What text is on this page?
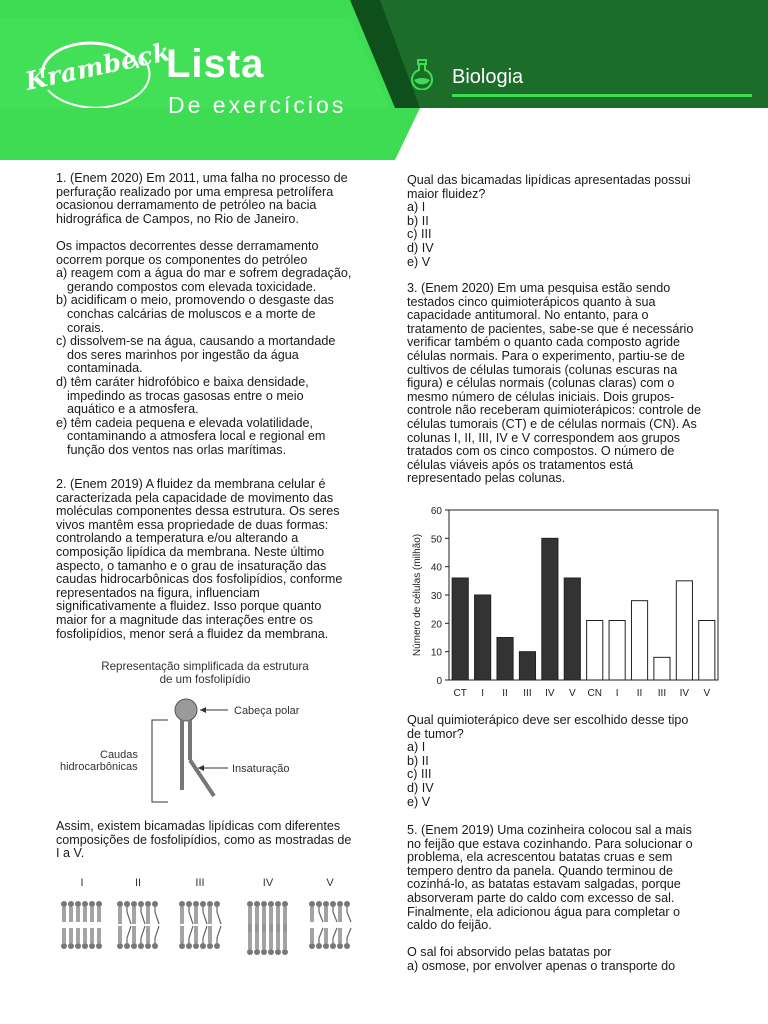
Krambeck
Lista
De exercícios
Biologia

1. (Enem 2020) Em 2011, uma falha no processo de

perfuração realizado por uma empresa petrolífera

ocasionou derramamento de petróleo na bacia

hidrográfica de Campos, no Rio de Janeiro.

Os impactos decorrentes desse derramamento

ocorrem porque os componentes do petróleo

a) reagem com a água do mar e sofrem degradação,

gerando compostos com elevada toxicidade.

b) acidificam o meio, promovendo o desgaste das

conchas calcárias de moluscos e a morte de

corais.

c) dissolvem-se na água, causando a mortandade

dos seres marinhos por ingestão da água

contaminada.

d) têm caráter hidrofóbico e baixa densidade,

impedindo as trocas gasosas entre o meio

aquático e a atmosfera.

e) têm cadeia pequena e elevada volatilidade,

contaminando a atmosfera local e regional em

função dos ventos nas orlas marítimas.

2. (Enem 2019) A fluidez da membrana celular é

caracterizada pela capacidade de movimento das

moléculas componentes dessa estrutura. Os seres

vivos mantêm essa propriedade de duas formas:

controlando a temperatura e/ou alterando a

composição lipídica da membrana. Neste último

aspecto, o tamanho e o grau de insaturação das

caudas hidrocarbônicas dos fosfolipídios, conforme

representados na figura, influenciam

significativamente a fluidez. Isso porque quanto

maior for a magnitude das interações entre os

fosfolipídios, menor será a fluidez da membrana.

Representação simplificada da estrutura
de um fosfolipídio
Cabeça polar
Caudas
hidrocarbônicas	Insaturação

Assim, existem bicamadas lipídicas com diferentes

composições de fosfolipídios, como as mostradas de

I a V.

I	II	III	IV	V

Qual das bicamadas lipídicas apresentadas possui

maior fluidez?

a) I

b) II

c) III

d) IV

e) V

3. (Enem 2020) Em uma pesquisa estão sendo

testados cinco quimioterápicos quanto à sua

capacidade antitumoral. No entanto, para o

tratamento de pacientes, sabe-se que é necessário

verificar também o quanto cada composto agride

células normais. Para o experimento, partiu-se de

cultivos de células tumorais (colunas escuras na

figura) e células normais (colunas claras) com o

mesmo número de células iniciais. Dois grupos-

controle não receberam quimioterápicos: controle de

células tumorais (CT) e de células normais (CN). As

colunas I, II, III, IV e V correspondem aos grupos

tratados com os cinco compostos. O número de

células viáveis após os tratamentos está

representado pelas colunas.

0
10
20
30
40
50
60
Número de células (milhão)
CT I II III IV V CN I II III IV V

Qual quimioterápico deve ser escolhido desse tipo

de tumor?

a) I

b) II

c) III

d) IV

e) V

5. (Enem 2019) Uma cozinheira colocou sal a mais

no feijão que estava cozinhando. Para solucionar o

problema, ela acrescentou batatas cruas e sem

tempero dentro da panela. Quando terminou de

cozinhá-lo, as batatas estavam salgadas, porque

absorveram parte do caldo com excesso de sal.

Finalmente, ela adicionou água para completar o

caldo do feijão.

O sal foi absorvido pelas batatas por

a) osmose, por envolver apenas o transporte do
